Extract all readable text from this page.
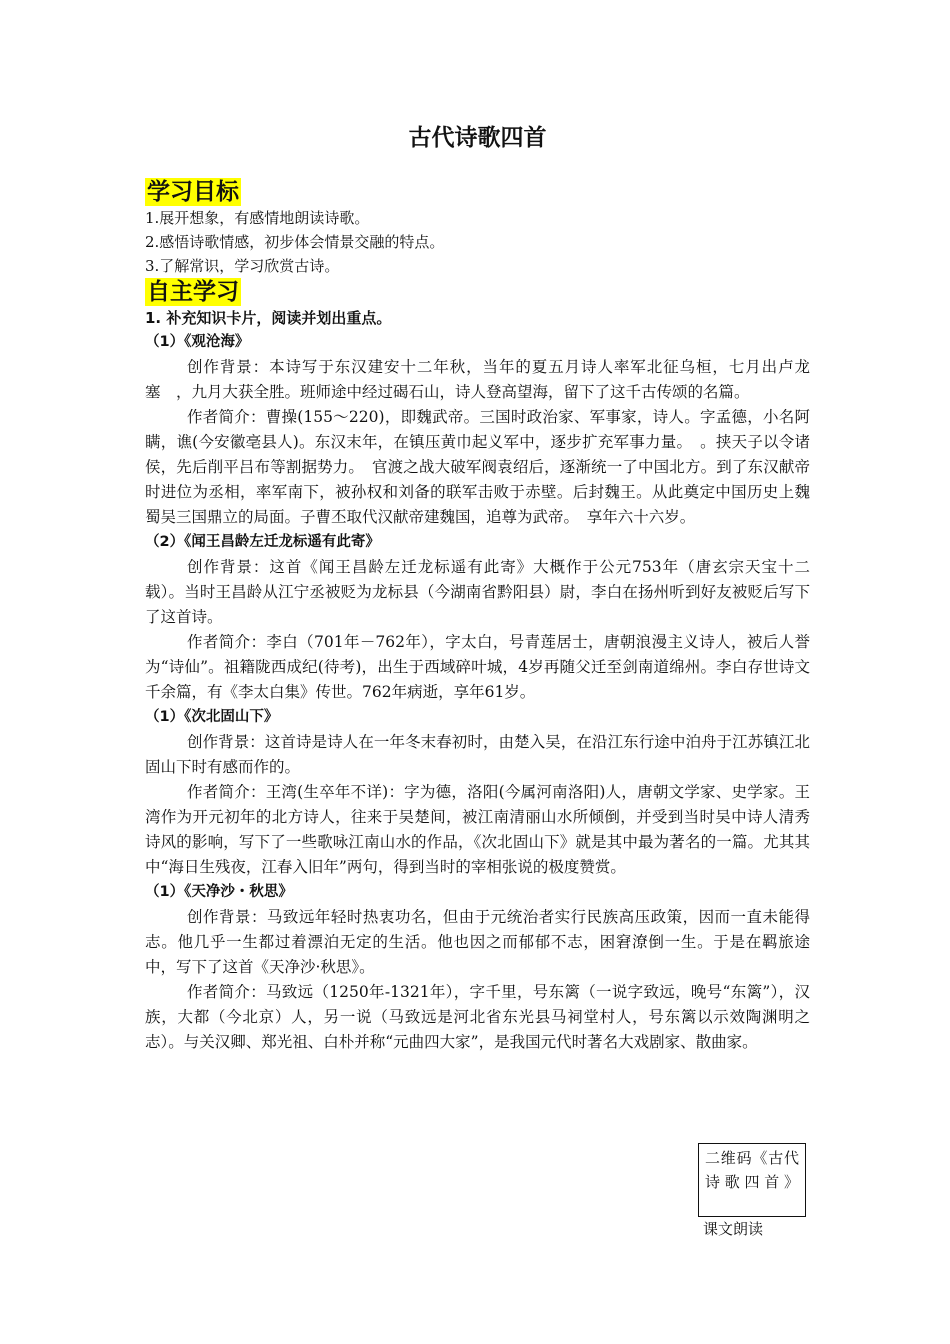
古代诗歌四首
学习目标

1.展开想象，有感情地朗读诗歌。

2.感悟诗歌情感，初步体会情景交融的特点。

3.了解常识，学习欣赏古诗。

自主学习

1. 补充知识卡片，阅读并划出重点。

（1）《观沧海》

创作背景：本诗写于东汉建安十二年秋，当年的夏五月诗人率军北征乌桓，七月出卢龙塞　，九月大获全胜。班师途中经过碣石山，诗人登高望海，留下了这千古传颂的名篇。

作者简介：曹操(155～220)，即魏武帝。三国时政治家、军事家，诗人。字孟德，小名阿瞒，谯(今安徽亳县人)。东汉末年，在镇压黄巾起义军中，逐步扩充军事力量。　。挟天子以令诸侯，先后削平吕布等割据势力。　官渡之战大破军阀袁绍后，逐渐统一了中国北方。到了东汉献帝时进位为丞相，率军南下，被孙权和刘备的联军击败于赤壁。后封魏王。从此奠定中国历史上魏蜀吴三国鼎立的局面。子曹丕取代汉献帝建魏国，追尊为武帝。　享年六十六岁。

（2）《闻王昌龄左迁龙标遥有此寄》

创作背景：这首《闻王昌龄左迁龙标遥有此寄》大概作于公元753年（唐玄宗天宝十二载）。当时王昌龄从江宁丞被贬为龙标县（今湖南省黔阳县）尉，李白在扬州听到好友被贬后写下了这首诗。

作者简介：李白（701年－762年），字太白，号青莲居士，唐朝浪漫主义诗人，被后人誉为“诗仙”。祖籍陇西成纪(待考)，出生于西域碎叶城，4岁再随父迁至剑南道绵州。李白存世诗文千余篇，有《李太白集》传世。762年病逝，享年61岁。

（1）《次北固山下》

创作背景：这首诗是诗人在一年冬末春初时，由楚入吴，在沿江东行途中泊舟于江苏镇江北固山下时有感而作的。

作者简介：王湾(生卒年不详)：字为德，洛阳(今属河南洛阳)人，唐朝文学家、史学家。王湾作为开元初年的北方诗人，往来于吴楚间，被江南清丽山水所倾倒，并受到当时吴中诗人清秀诗风的影响，写下了一些歌咏江南山水的作品，《次北固山下》就是其中最为著名的一篇。尤其其中“海日生残夜，江春入旧年”两句，得到当时的宰相张说的极度赞赏。

（1）《天净沙・秋思》

创作背景：马致远年轻时热衷功名，但由于元统治者实行民族高压政策，因而一直未能得志。他几乎一生都过着漂泊无定的生活。他也因之而郁郁不志，困窘潦倒一生。于是在羁旅途中，写下了这首《天净沙·秋思》。

作者简介：马致远（1250年-1321年），字千里，号东篱（一说字致远，晚号“东篱”），汉族，大都（今北京）人，另一说（马致远是河北省东光县马祠堂村人，号东篱以示效陶渊明之志）。与关汉卿、郑光祖、白朴并称“元曲四大家”，是我国元代时著名大戏剧家、散曲家。

二维码《古代诗歌四首》
课文朗读
